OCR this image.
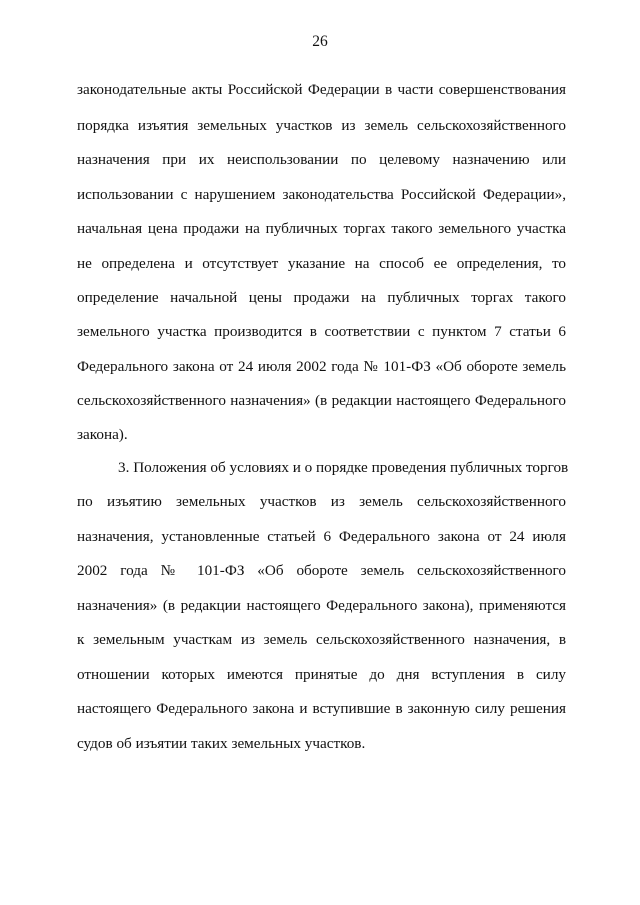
26
законодательные акты Российской Федерации в части совершенствования
порядка изъятия земельных участков из земель сельскохозяйственного
назначения при их неиспользовании по целевому назначению или
использовании с нарушением законодательства Российской Федерации»,
начальная цена продажи на публичных торгах такого земельного участка
не определена и отсутствует указание на способ ее определения, то
определение начальной цены продажи на публичных торгах такого
земельного участка производится в соответствии с пунктом 7 статьи 6
Федерального закона от 24 июля 2002 года № 101-ФЗ «Об обороте земель
сельскохозяйственного назначения» (в редакции настоящего Федерального
закона).
3. Положения об условиях и о порядке проведения публичных торгов
по изъятию земельных участков из земель сельскохозяйственного
назначения, установленные статьей 6 Федерального закона от 24 июля
2002 года № 101-ФЗ «Об обороте земель сельскохозяйственного
назначения» (в редакции настоящего Федерального закона), применяются
к земельным участкам из земель сельскохозяйственного назначения, в
отношении которых имеются принятые до дня вступления в силу
настоящего Федерального закона и вступившие в законную силу решения
судов об изъятии таких земельных участков.
